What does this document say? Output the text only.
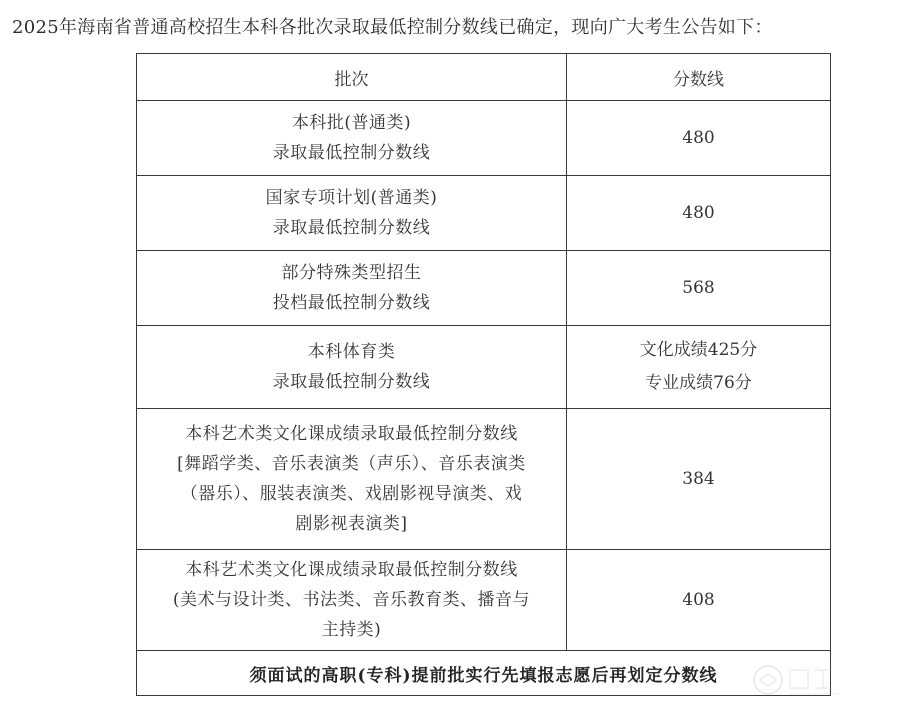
2025年海南省普通高校招生本科各批次录取最低控制分数线已确定，现向广大考生公告如下：
批次	分数线

本科批(普通类)
录取最低控制分数线	480

国家专项计划(普通类)
录取最低控制分数线	480

部分特殊类型招生
投档最低控制分数线	568

本科体育类
录取最低控制分数线	文化成绩425分
专业成绩76分

本科艺术类文化课成绩录取最低控制分数线
[舞蹈学类、音乐表演类（声乐）、音乐表演类
（器乐）、服装表演类、戏剧影视导演类、戏
剧影视表演类]	384

本科艺术类文化课成绩录取最低控制分数线
(美术与设计类、书法类、音乐教育类、播音与
主持类)	408

须面试的高职(专科)提前批实行先填报志愿后再划定分数线	
